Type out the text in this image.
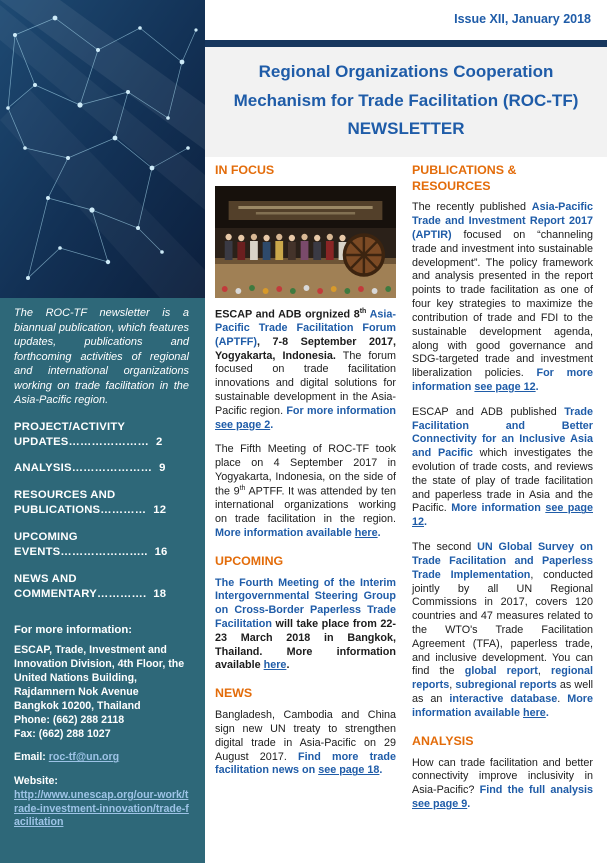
The ROC-TF newsletter is a biannual publication, which features updates, publications and forthcoming activities of regional and international organizations working on trade facilitation in the Asia-Pacific region.

PROJECT/ACTIVITY UPDATES………………… 2
ANALYSIS………………… 9
RESOURCES AND PUBLICATIONS………… 12
UPCOMING EVENTS………………….. 16
NEWS AND COMMENTARY…………. 18
For more information:
ESCAP, Trade, Investment and
Innovation Division, 4th Floor, the
United Nations Building,
Rajdamnern Nok Avenue
Bangkok 10200, Thailand
Phone: (662) 288 2118
Fax: (662) 288 1027
Email: roc-tf@un.org
Website:
http://www.unescap.org/our-work/trade-investment-innovation/trade-facilitation
Issue XII, January 2018
Regional Organizations Cooperation
Mechanism for Trade Facilitation (ROC-TF)
NEWSLETTER
IN FOCUS

ESCAP and ADB orgnized 8th Asia-Pacific Trade Facilitation Forum (APTFF), 7-8 September 2017, Yogyakarta, Indonesia. The forum focused on trade facilitation innovations and digital solutions for sustainable development in the Asia-Pacific region. For more information see page 2.

The Fifth Meeting of ROC-TF took place on 4 September 2017 in Yogyakarta, Indonesia, on the side of the 9th APTFF. It was attended by ten international organizations working on trade facilitation in the region. More information available here.

UPCOMING

The Fourth Meeting of the Interim Intergovernmental Steering Group on Cross-Border Paperless Trade Facilitation will take place from 22-23 March 2018 in Bangkok, Thailand. More information available here.

NEWS

Bangladesh, Cambodia and China sign new UN treaty to strengthen digital trade in Asia-Pacific on 29 August 2017. Find more trade facilitation news on see page 18.

PUBLICATIONS & RESOURCES

The recently published Asia-Pacific Trade and Investment Report 2017 (APTIR) focused on “channeling trade and investment into sustainable development”. The policy framework and analysis presented in the report points to trade facilitation as one of four key strategies to maximize the contribution of trade and FDI to the sustainable development agenda, along with good governance and SDG-targeted trade and investment liberalization policies. For more information see page 12.

ESCAP and ADB published Trade Facilitation and Better Connectivity for an Inclusive Asia and Pacific which investigates the evolution of trade costs, and reviews the state of play of trade facilitation and paperless trade in Asia and the Pacific. More information see page 12.

The second UN Global Survey on Trade Facilitation and Paperless Trade Implementation, conducted jointly by all UN Regional Commissions in 2017, covers 120 countries and 47 measures related to the WTO's Trade Facilitation Agreement (TFA), paperless trade, and inclusive development. You can find the global report, regional reports, subregional reports as well as an interactive database. More information available here.

ANALYSIS

How can trade facilitation and better connectivity improve inclusivity in Asia-Pacific? Find the full analysis see page 9.
